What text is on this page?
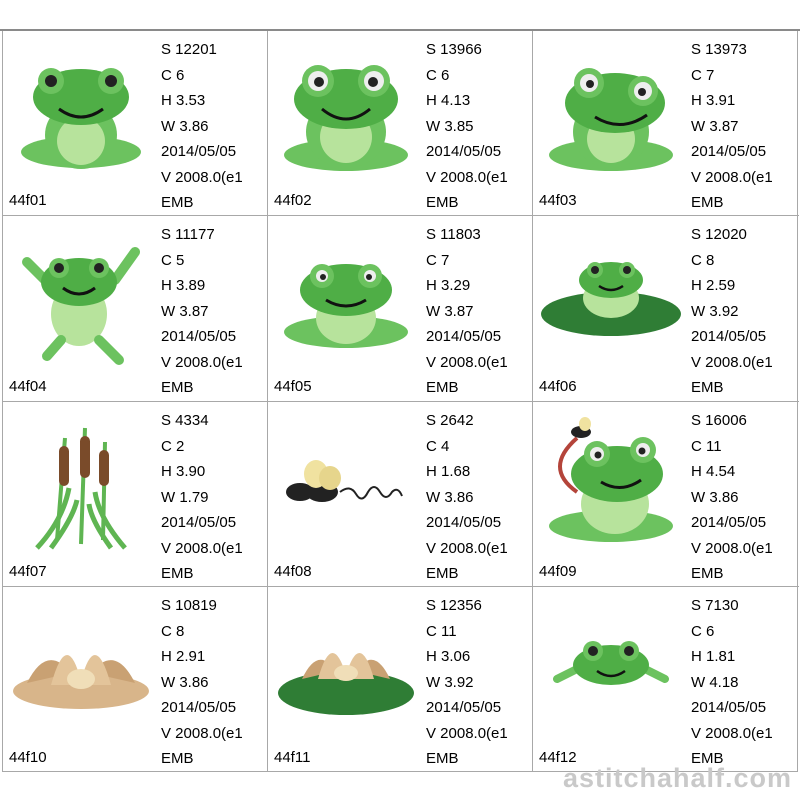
S 12201
C 6
H 3.53
W 3.86
2014/05/05
V 2008.0(e1
EMB
44f01
S 13966
C 6
H 4.13
W 3.85
2014/05/05
V 2008.0(e1
EMB
44f02
S 13973
C 7
H 3.91
W 3.87
2014/05/05
V 2008.0(e1
EMB
44f03
S 11177
C 5
H 3.89
W 3.87
2014/05/05
V 2008.0(e1
EMB
44f04
S 11803
C 7
H 3.29
W 3.87
2014/05/05
V 2008.0(e1
EMB
44f05
S 12020
C 8
H 2.59
W 3.92
2014/05/05
V 2008.0(e1
EMB
44f06
S 4334
C 2
H 3.90
W 1.79
2014/05/05
V 2008.0(e1
EMB
44f07
S 2642
C 4
H 1.68
W 3.86
2014/05/05
V 2008.0(e1
EMB
44f08
S 16006
C 11
H 4.54
W 3.86
2014/05/05
V 2008.0(e1
EMB
44f09
S 10819
C 8
H 2.91
W 3.86
2014/05/05
V 2008.0(e1
EMB
44f10
S 12356
C 11
H 3.06
W 3.92
2014/05/05
V 2008.0(e1
EMB
44f11
S 7130
C 6
H 1.81
W 4.18
2014/05/05
V 2008.0(e1
EMB
44f12
astitchahalf.com
